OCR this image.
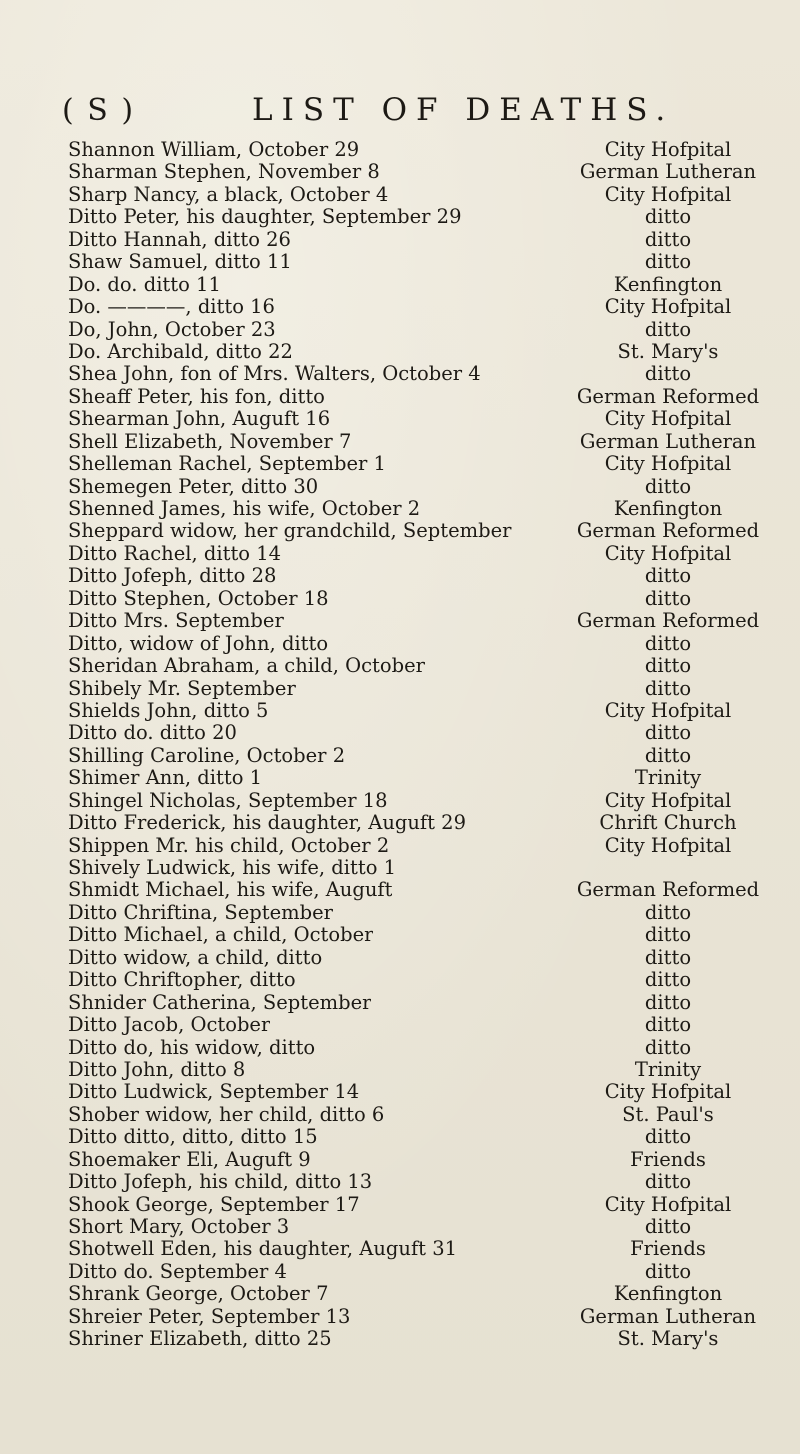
( S )	LIST OF DEATHS.
Shannon William, October 29	City Hofpital
Sharman Stephen, November 8	German Lutheran
Sharp Nancy, a black, October 4	City Hofpital
Ditto Peter, his daughter, September 29	ditto
Ditto Hannah, ditto 26	ditto
Shaw Samuel, ditto 11	ditto
Do. do. ditto 11	Kenfington
Do. ————, ditto 16	City Hofpital
Do, John, October 23	ditto
Do. Archibald, ditto 22	St. Mary's
Shea John, fon of Mrs. Walters, October 4	ditto
Sheaff Peter, his fon, ditto	German Reformed
Shearman John, Auguft 16	City Hofpital
Shell Elizabeth, November 7	German Lutheran
Shelleman Rachel, September 1	City Hofpital
Shemegen Peter, ditto 30	ditto
Shenned James, his wife, October 2	Kenfington
Sheppard widow, her grandchild, September	German Reformed
Ditto Rachel, ditto 14	City Hofpital
Ditto Jofeph, ditto 28	ditto
Ditto Stephen, October 18	ditto
Ditto Mrs. September	German Reformed
Ditto, widow of John, ditto	ditto
Sheridan Abraham, a child, October	ditto
Shibely Mr. September	ditto
Shields John, ditto 5	City Hofpital
Ditto do. ditto 20	ditto
Shilling Caroline, October 2	ditto
Shimer Ann, ditto 1	Trinity
Shingel Nicholas, September 18	City Hofpital
Ditto Frederick, his daughter, Auguft 29	Chrift Church
Shippen Mr. his child, October 2	City Hofpital
Shively Ludwick, his wife, ditto 1
Shmidt Michael, his wife, Auguft	German Reformed
Ditto Chriftina, September	ditto
Ditto Michael, a child, October	ditto
Ditto widow, a child, ditto	ditto
Ditto Chriftopher, ditto	ditto
Shnider Catherina, September	ditto
Ditto Jacob, October	ditto
Ditto do, his widow, ditto	ditto
Ditto John, ditto 8	Trinity
Ditto Ludwick, September 14	City Hofpital
Shober widow, her child, ditto 6	St. Paul's
Ditto ditto, ditto, ditto 15	ditto
Shoemaker Eli, Auguft 9	Friends
Ditto Jofeph, his child, ditto 13	ditto
Shook George, September 17	City Hofpital
Short Mary, October 3	ditto
Shotwell Eden, his daughter, Auguft 31	Friends
Ditto do. September 4	ditto
Shrank George, October 7	Kenfington
Shreier Peter, September 13	German Lutheran
Shriner Elizabeth, ditto 25	St. Mary's
